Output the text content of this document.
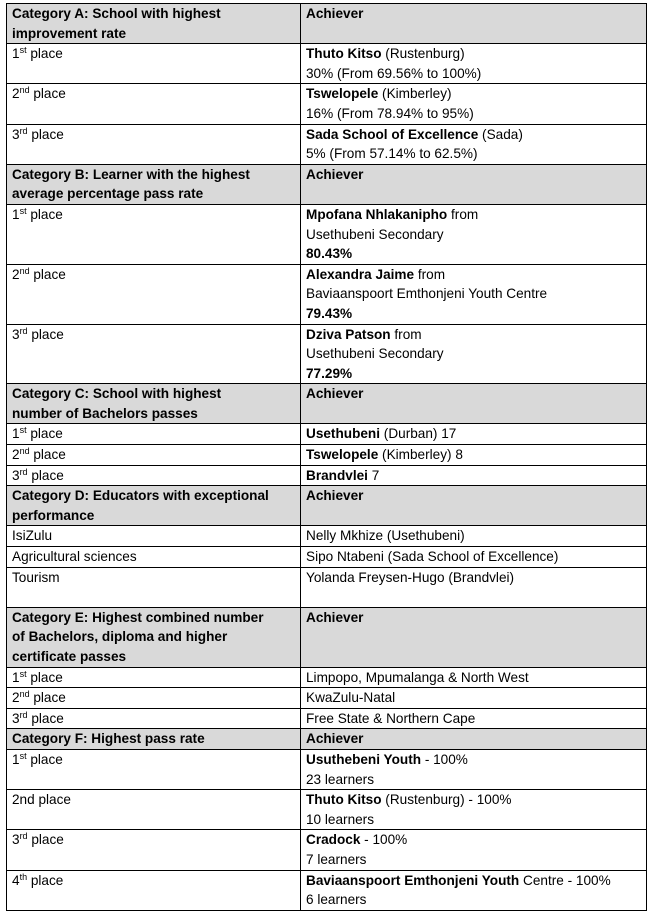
Category A: School with highest
improvement rate	Achiever
1st place	Thuto Kitso (Rustenburg)
30% (From 69.56% to 100%)

2nd place	Tswelopele (Kimberley)
16% (From 78.94% to 95%)

3rd place	Sada School of Excellence (Sada)
5% (From 57.14% to 62.5%)

Category B: Learner with the highest
average percentage pass rate	Achiever
1st place	Mpofana Nhlakanipho from
Usethubeni Secondary
80.43%

2nd place	Alexandra Jaime from
Baviaanspoort Emthonjeni Youth Centre
79.43%

3rd place	Dziva Patson from
Usethubeni Secondary
77.29%

Category C: School with highest
number of Bachelors passes	Achiever
1st place	Usethubeni (Durban) 17

2nd place	Tswelopele (Kimberley) 8

3rd place	Brandvlei 7

Category D: Educators with exceptional
performance	Achiever
IsiZulu	Nelly Mkhize (Usethubeni)

Agricultural sciences	Sipo Ntabeni (Sada School of Excellence)

Tourism	Yolanda Freysen-Hugo (Brandvlei)

Category E: Highest combined number
of Bachelors, diploma and higher
certificate passes	Achiever
1st place	Limpopo, Mpumalanga & North West

2nd place	KwaZulu-Natal

3rd place	Free State & Northern Cape

Category F: Highest pass rate	Achiever
1st place	Usuthebeni Youth - 100%
23 learners

2nd place	Thuto Kitso (Rustenburg) - 100%
10 learners

3rd place	Cradock - 100%
7 learners

4th place	Baviaanspoort Emthonjeni Youth Centre - 100%
6 learners
